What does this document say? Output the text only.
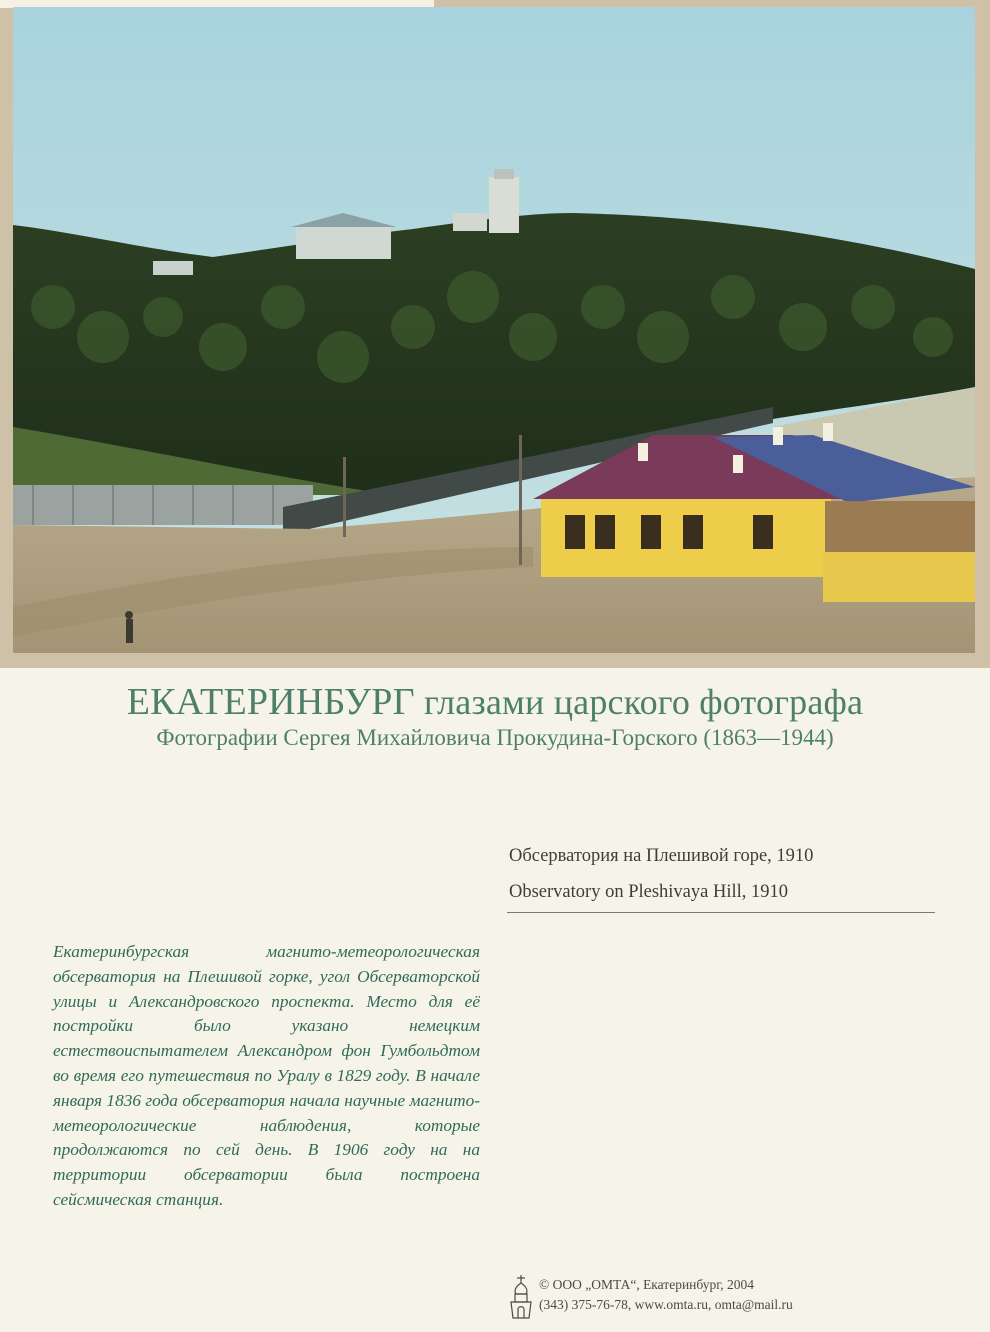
ЕКАТЕРИНБУРГ глазами царского фотографа
Фотографии Сергея Михайловича Прокудина-Горского (1863—1944)
Обсерватория на Плешивой горе, 1910
Observatory on Pleshivaya Hill, 1910
Екатеринбургская магнито-метеорологическая обсерватория на Плешивой горке, угол Обсерваторской улицы и Александровского проспекта. Место для её постройки было указано немецким естествоиспытателем Александром фон Гумбольдтом во время его путешествия по Уралу в 1829 году. В начале января 1836 года обсерватория начала научные магнито-метеорологические наблюдения, которые продолжаются по сей день. В 1906 году на на территории обсерватории была построена сейсмическая станция.
© ООО „ОМТА“, Екатеринбург, 2004
(343) 375-76-78, www.omta.ru, omta@mail.ru
